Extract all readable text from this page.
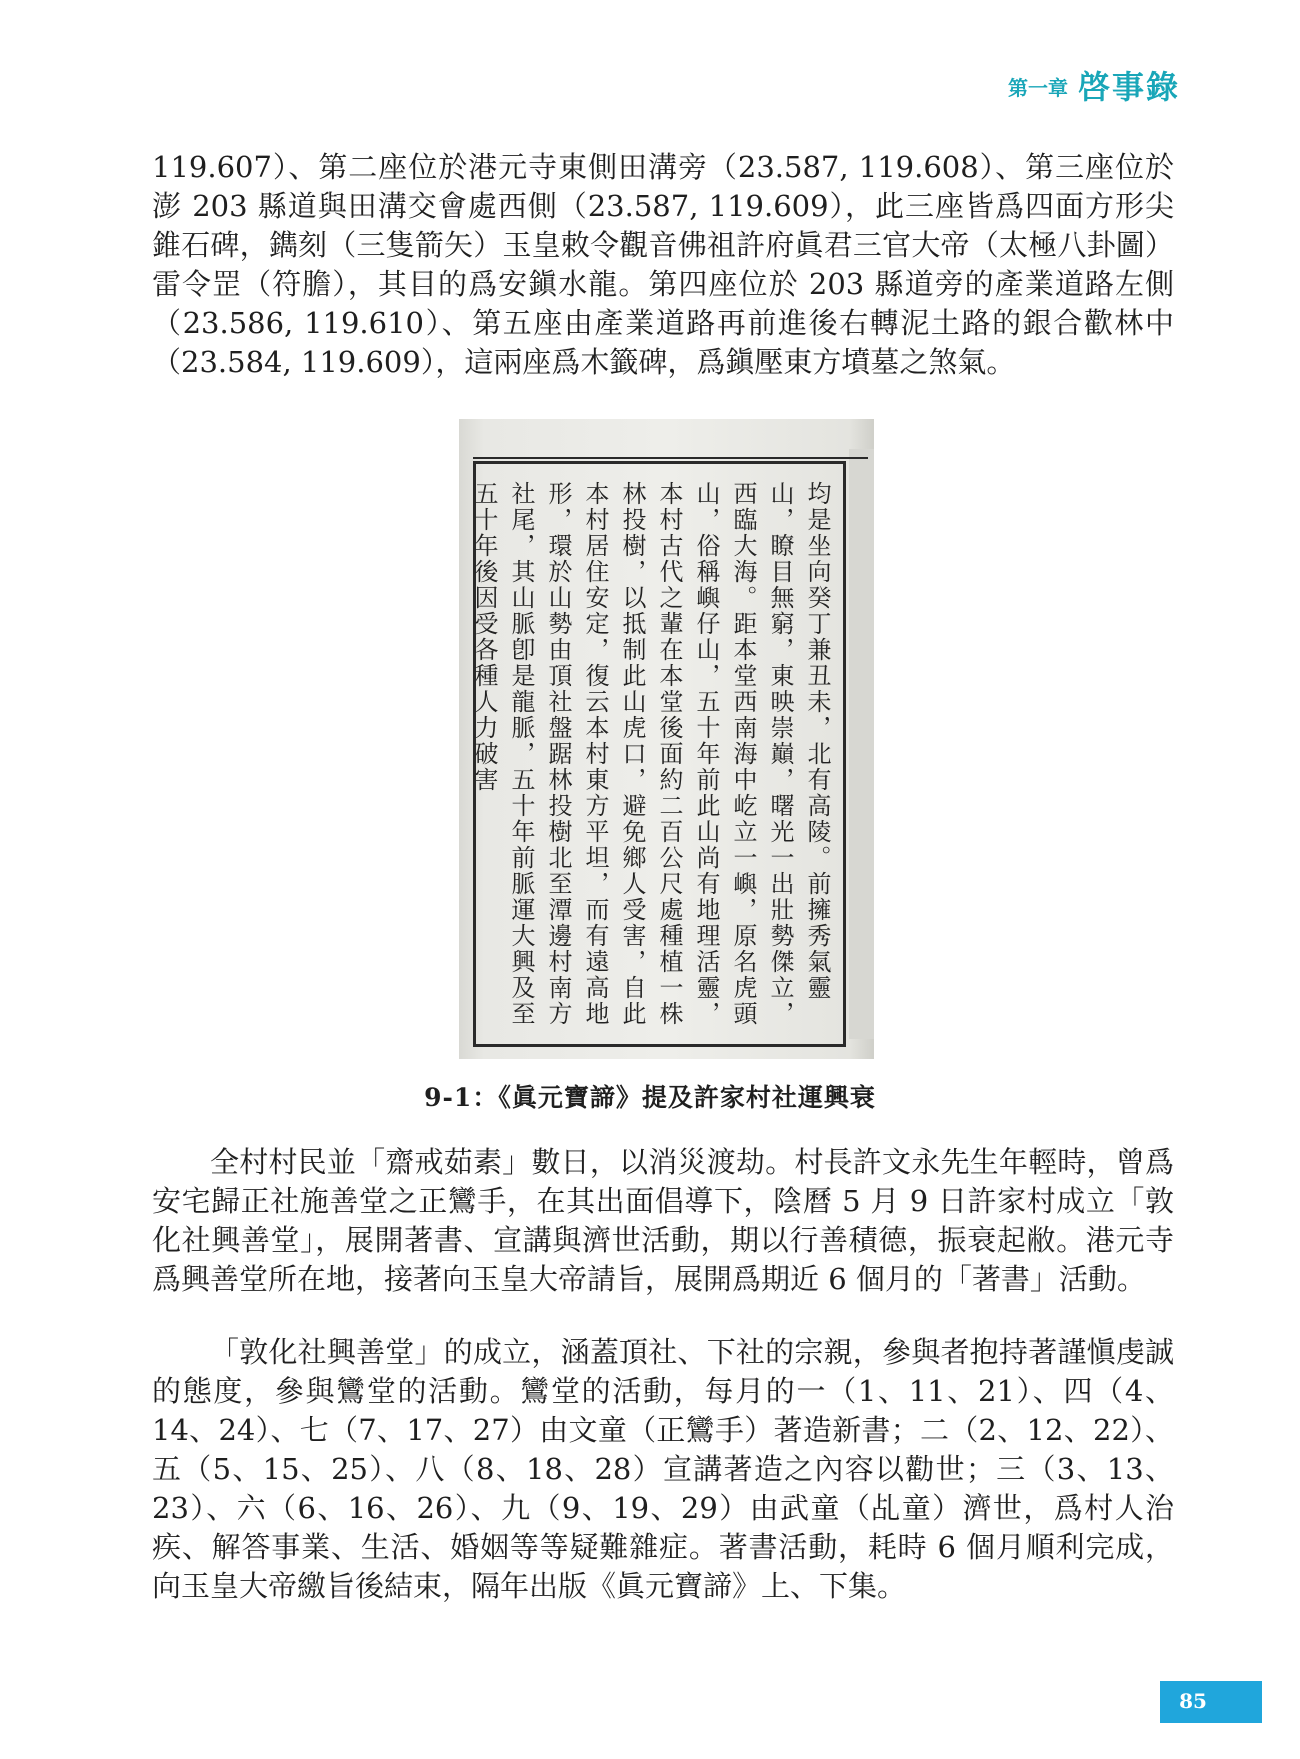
第一章 啓事錄

119.607）、第二座位於港元寺東側田溝旁（23.587, 119.608）、第三座位於澎 203 縣道與田溝交會處西側（23.587, 119.609），此三座皆爲四面方形尖錐石碑，鐫刻（三隻箭矢）玉皇敕令觀音佛祖許府眞君三官大帝（太極八卦圖）雷令罡（符膽），其目的爲安鎭水龍。第四座位於 203 縣道旁的產業道路左側（23.586, 119.610）、第五座由產業道路再前進後右轉泥土路的銀合歡林中（23.584, 119.609），這兩座爲木籤碑，爲鎭壓東方墳墓之煞氣。

均是坐向癸丁兼丑未，北有高陵。前擁秀氣靈山，瞭目無窮，東映崇巔，曙光一出壯勢傑立，西臨大海。距本堂西南海中屹立一嶼，原名虎頭山，俗稱嶼仔山，五十年前此山尚有地理活靈，本村古代之輩在本堂後面約二百公尺處種植一株林投樹，以抵制此山虎口，避免鄉人受害，自此本村居住安定，復云本村東方平坦，而有遠高地形，環於山勢由頂社盤踞林投樹北至潭邊村南方社尾，其山脈卽是龍脈，五十年前脈運大興及至五十年後因受各種人力破害
9-1：《眞元寶諦》提及許家村社運興衰

全村村民並「齋戒茹素」數日，以消災渡劫。村長許文永先生年輕時，曾爲安宅歸正社施善堂之正鸞手，在其出面倡導下，陰曆 5 月 9 日許家村成立「敦化社興善堂」，展開著書、宣講與濟世活動，期以行善積德，振衰起敝。港元寺爲興善堂所在地，接著向玉皇大帝請旨，展開爲期近 6 個月的「著書」活動。

「敦化社興善堂」的成立，涵蓋頂社、下社的宗親，參與者抱持著謹愼虔誠的態度，參與鸞堂的活動。鸞堂的活動，每月的一（1、11、21）、四（4、14、24）、七（7、17、27）由文童（正鸞手）著造新書；二（2、12、22）、五（5、15、25）、八（8、18、28）宣講著造之內容以勸世；三（3、13、23）、六（6、16、26）、九（9、19、29）由武童（乩童）濟世，爲村人治疾、解答事業、生活、婚姻等等疑難雜症。著書活動，耗時 6 個月順利完成，向玉皇大帝繳旨後結束，隔年出版《眞元寶諦》上、下集。

85
